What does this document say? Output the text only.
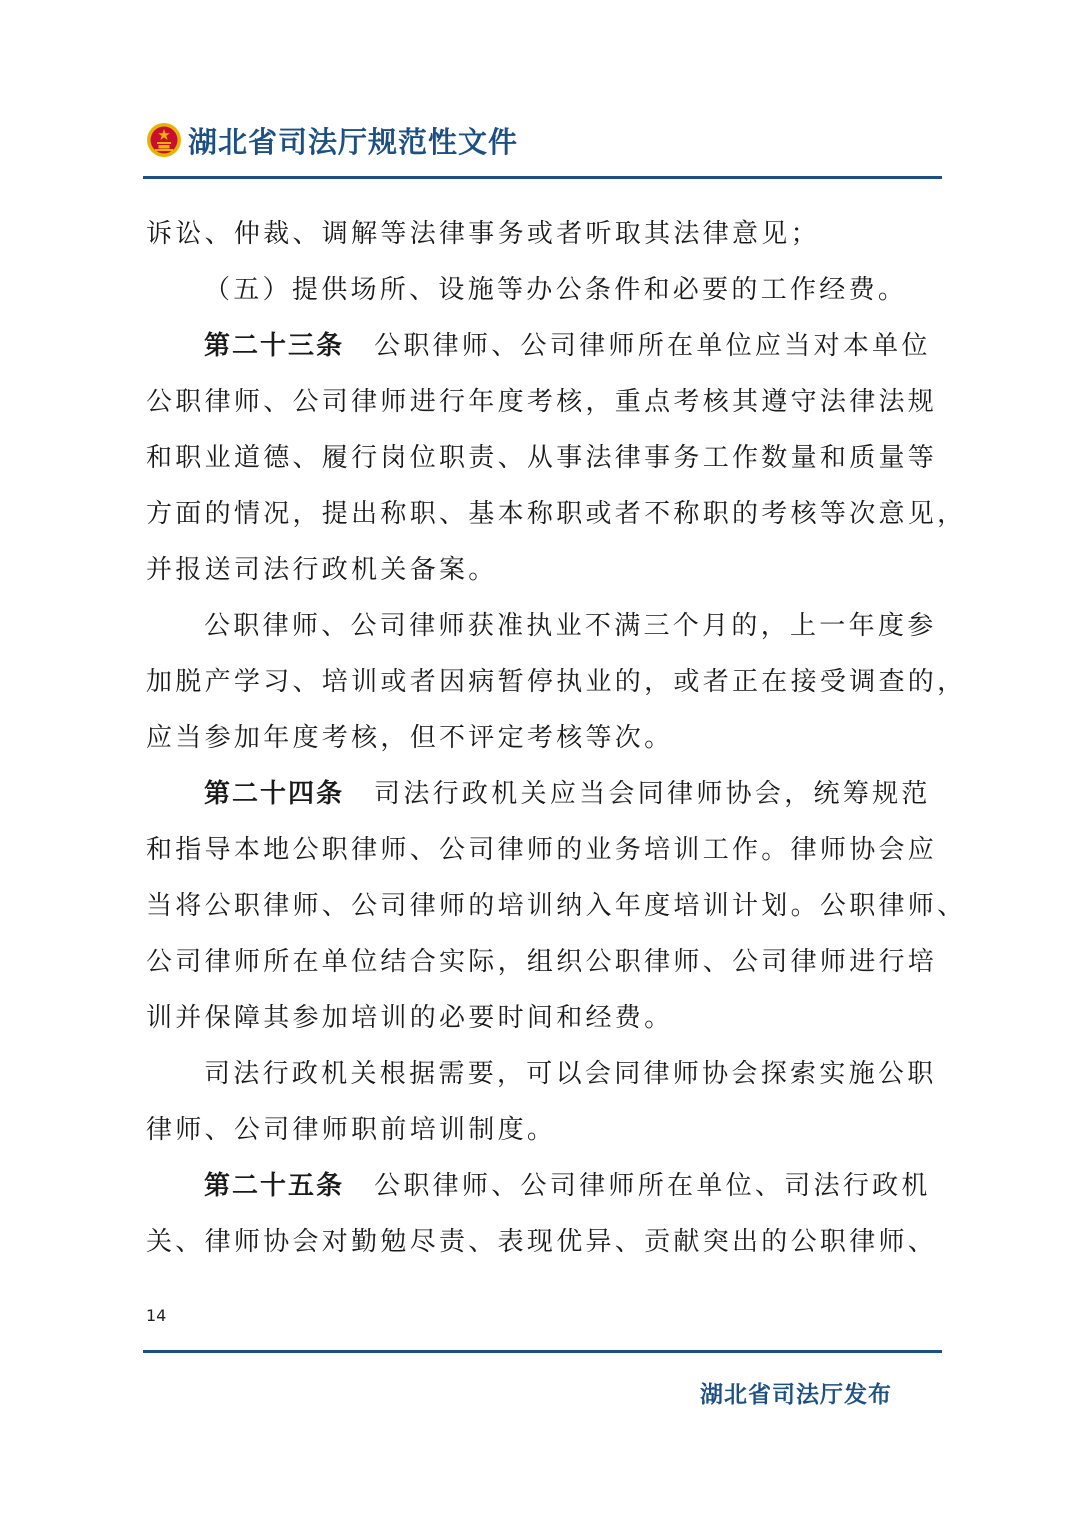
湖北省司法厅规范性文件
诉讼、仲裁、调解等法律事务或者听取其法律意见；
（五）提供场所、设施等办公条件和必要的工作经费。
第二十三条 公职律师、公司律师所在单位应当对本单位
公职律师、公司律师进行年度考核，重点考核其遵守法律法规
和职业道德、履行岗位职责、从事法律事务工作数量和质量等
方面的情况，提出称职、基本称职或者不称职的考核等次意见，
并报送司法行政机关备案。
公职律师、公司律师获准执业不满三个月的，上一年度参
加脱产学习、培训或者因病暂停执业的，或者正在接受调查的，
应当参加年度考核，但不评定考核等次。
第二十四条 司法行政机关应当会同律师协会，统筹规范
和指导本地公职律师、公司律师的业务培训工作。律师协会应
当将公职律师、公司律师的培训纳入年度培训计划。公职律师、
公司律师所在单位结合实际，组织公职律师、公司律师进行培
训并保障其参加培训的必要时间和经费。
司法行政机关根据需要，可以会同律师协会探索实施公职
律师、公司律师职前培训制度。
第二十五条 公职律师、公司律师所在单位、司法行政机
关、律师协会对勤勉尽责、表现优异、贡献突出的公职律师、
14
湖北省司法厅发布
